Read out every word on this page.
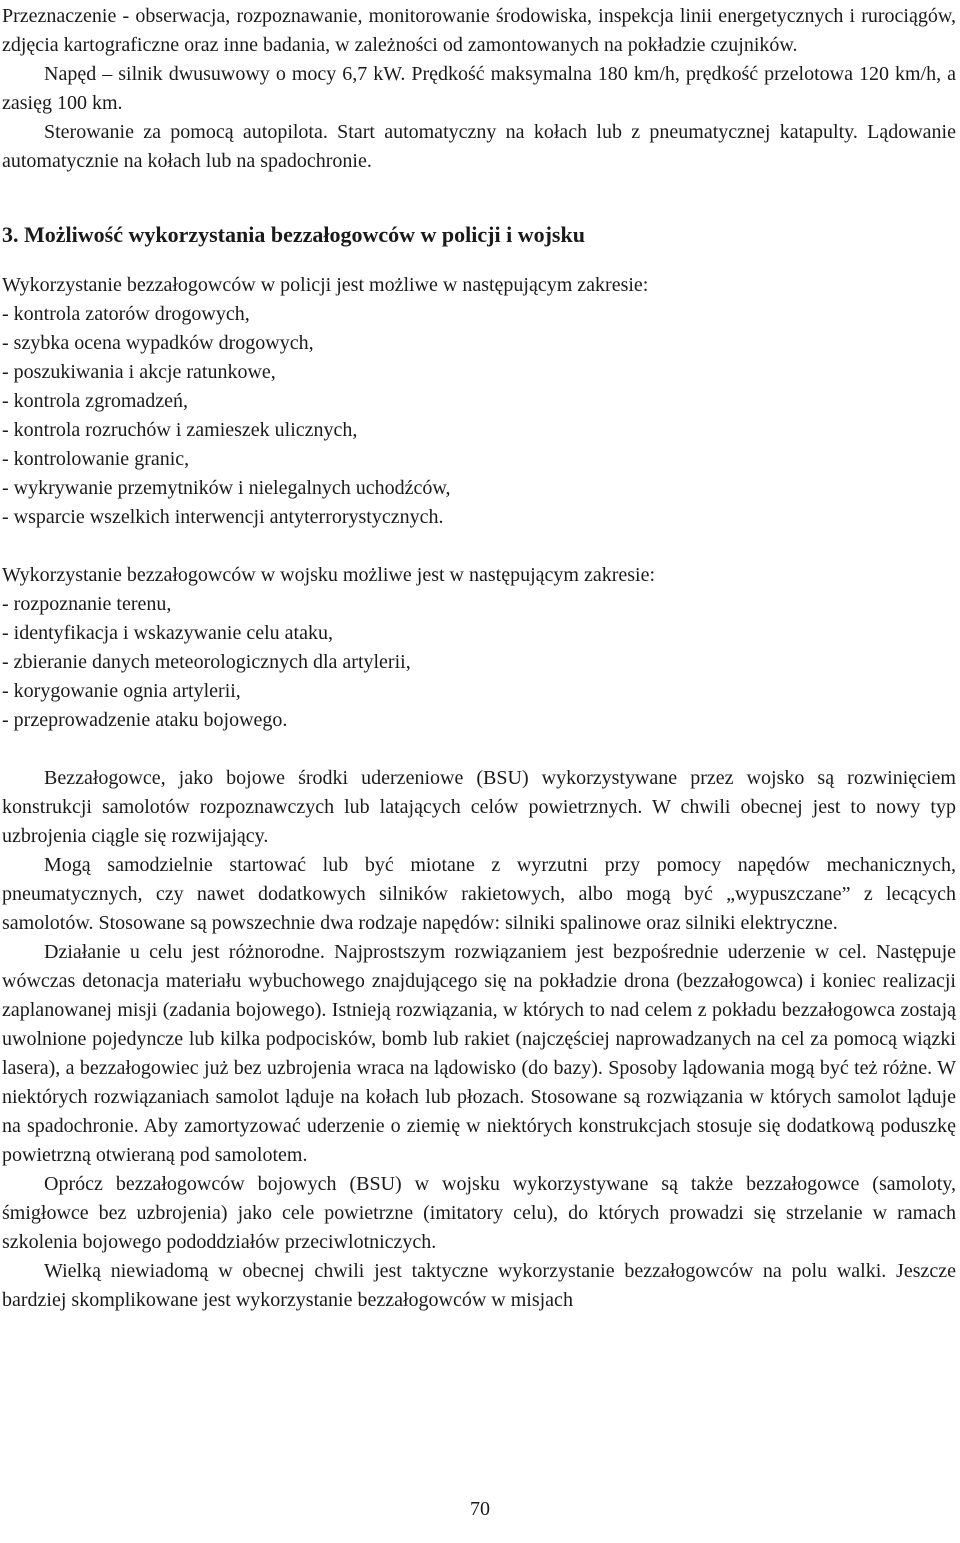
Przeznaczenie - obserwacja, rozpoznawanie, monitorowanie środowiska, inspekcja linii energetycznych i rurociągów, zdjęcia kartograficzne oraz inne badania, w zależności od zamontowanych na pokładzie czujników.

Napęd – silnik dwusuwowy o mocy 6,7 kW. Prędkość maksymalna 180 km/h, prędkość przelotowa 120 km/h, a zasięg 100 km.

Sterowanie za pomocą autopilota. Start automatyczny na kołach lub z pneumatycznej katapulty. Lądowanie automatycznie na kołach lub na spadochronie.

3. Możliwość wykorzystania bezzałogowców w policji i wojsku

Wykorzystanie bezzałogowców w policji jest możliwe w następującym zakresie:

- kontrola zatorów drogowych,
- szybka ocena wypadków drogowych,
- poszukiwania i akcje ratunkowe,
- kontrola zgromadzeń,
- kontrola rozruchów i zamieszek ulicznych,
- kontrolowanie granic,
- wykrywanie przemytników i nielegalnych uchodźców,
- wsparcie wszelkich interwencji antyterrorystycznych.

Wykorzystanie bezzałogowców w wojsku możliwe jest w następującym zakresie:

- rozpoznanie terenu,
- identyfikacja i wskazywanie celu ataku,
- zbieranie danych meteorologicznych dla artylerii,
- korygowanie ognia artylerii,
- przeprowadzenie ataku bojowego.

Bezzałogowce, jako bojowe środki uderzeniowe (BSU) wykorzystywane przez wojsko są rozwinięciem konstrukcji samolotów rozpoznawczych lub latających celów powietrznych. W chwili obecnej jest to nowy typ uzbrojenia ciągle się rozwijający.

Mogą samodzielnie startować lub być miotane z wyrzutni przy pomocy napędów mechanicznych, pneumatycznych, czy nawet dodatkowych silników rakietowych, albo mogą być „wypuszczane” z lecących samolotów. Stosowane są powszechnie dwa rodzaje napędów: silniki spalinowe oraz silniki elektryczne.

Działanie u celu jest różnorodne. Najprostszym rozwiązaniem jest bezpośrednie uderzenie w cel. Następuje wówczas detonacja materiału wybuchowego znajdującego się na pokładzie drona (bezzałogowca) i koniec realizacji zaplanowanej misji (zadania bojowego). Istnieją rozwiązania, w których to nad celem z pokładu bezzałogowca zostają uwolnione pojedyncze lub kilka podpocisków, bomb lub rakiet (najczęściej naprowadzanych na cel za pomocą wiązki lasera), a bezzałogowiec już bez uzbrojenia wraca na lądowisko (do bazy). Sposoby lądowania mogą być też różne. W niektórych rozwiązaniach samolot ląduje na kołach lub płozach. Stosowane są rozwiązania w których samolot ląduje na spadochronie. Aby zamortyzować uderzenie o ziemię w niektórych konstrukcjach stosuje się dodatkową poduszkę powietrzną otwieraną pod samolotem.

Oprócz bezzałogowców bojowych (BSU) w wojsku wykorzystywane są także bezzałogowce (samoloty, śmigłowce bez uzbrojenia) jako cele powietrzne (imitatory celu), do których prowadzi się strzelanie w ramach szkolenia bojowego pododdziałów przeciwlotniczych.

Wielką niewiadomą w obecnej chwili jest taktyczne wykorzystanie bezzałogowców na polu walki. Jeszcze bardziej skomplikowane jest wykorzystanie bezzałogowców w misjach

70
